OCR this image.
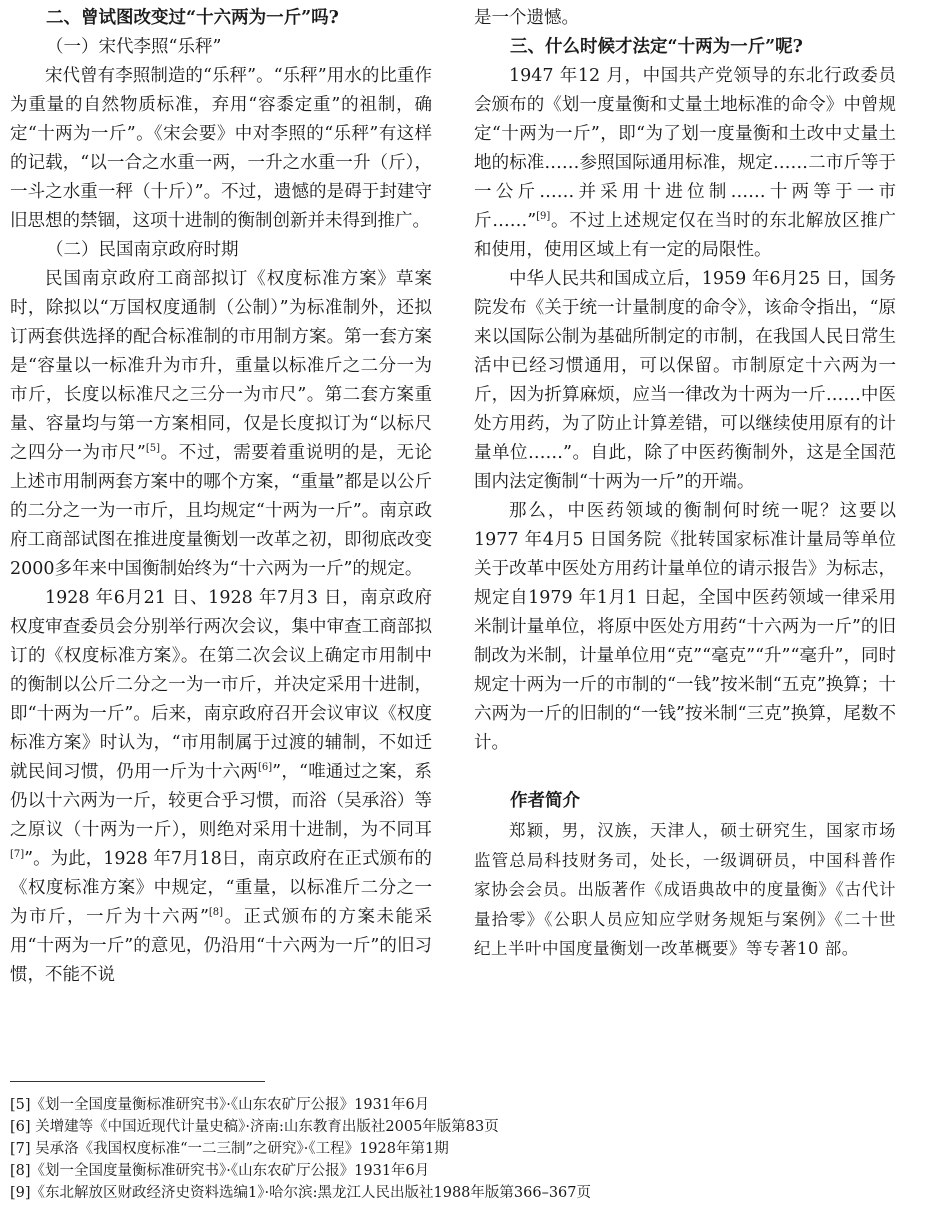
二、曾试图改变过“十六两为一斤”吗?
（一）宋代李照“乐秤”

宋代曾有李照制造的“乐秤”。“乐秤”用水的比重作为重量的自然物质标准，弃用“容黍定重”的祖制，确定“十两为一斤”。《宋会要》中对李照的“乐秤”有这样的记载，“以一合之水重一两，一升之水重一升（斤），一斗之水重一秤（十斤）”。不过，遗憾的是碍于封建守旧思想的禁锢，这项十进制的衡制创新并未得到推广。

（二）民国南京政府时期

民国南京政府工商部拟订《权度标准方案》草案时，除拟以“万国权度通制（公制）”为标准制外，还拟订两套供选择的配合标准制的市用制方案。第一套方案是“容量以一标准升为市升，重量以标准斤之二分一为市斤，长度以标准尺之三分一为市尺”。第二套方案重量、容量均与第一方案相同，仅是长度拟订为“以标尺之四分一为市尺”[5]。不过，需要着重说明的是，无论上述市用制两套方案中的哪个方案，“重量”都是以公斤的二分之一为一市斤，且均规定“十两为一斤”。南京政府工商部试图在推进度量衡划一改革之初，即彻底改变2000多年来中国衡制始终为“十六两为一斤”的规定。

1928 年6月21 日、1928 年7月3 日，南京政府权度审查委员会分别举行两次会议，集中审查工商部拟订的《权度标准方案》。在第二次会议上确定市用制中的衡制以公斤二分之一为一市斤，并决定采用十进制，即“十两为一斤”。后来，南京政府召开会议审议《权度标准方案》时认为，“市用制属于过渡的辅制，不如迁就民间习惯，仍用一斤为十六两[6]”，“唯通过之案，系仍以十六两为一斤，较更合乎习惯，而浴（吴承浴）等之原议（十两为一斤），则绝对采用十进制，为不同耳[7]”。为此，1928 年7月18日，南京政府在正式颁布的《权度标准方案》中规定，“重量，以标准斤二分之一为市斤，一斤为十六两”[8]。正式颁布的方案未能采用“十两为一斤”的意见，仍沿用“十六两为一斤”的旧习惯，不能不说

是一个遗憾。

三、什么时候才法定“十两为一斤”呢?

1947 年12 月，中国共产党领导的东北行政委员会颁布的《划一度量衡和丈量土地标准的命令》中曾规定“十两为一斤”，即“为了划一度量衡和土改中丈量土地的标准……参照国际通用标准，规定……二市斤等于一公斤……并采用十进位制……十两等于一市斤……”[9]。不过上述规定仅在当时的东北解放区推广和使用，使用区域上有一定的局限性。

中华人民共和国成立后，1959 年6月25 日，国务院发布《关于统一计量制度的命令》，该命令指出，“原来以国际公制为基础所制定的市制，在我国人民日常生活中已经习惯通用，可以保留。市制原定十六两为一斤，因为折算麻烦，应当一律改为十两为一斤……中医处方用药，为了防止计算差错，可以继续使用原有的计量单位……”。自此，除了中医药衡制外，这是全国范围内法定衡制“十两为一斤”的开端。

那么，中医药领域的衡制何时统一呢？这要以1977 年4月5 日国务院《批转国家标准计量局等单位关于改革中医处方用药计量单位的请示报告》为标志，规定自1979 年1月1 日起，全国中医药领域一律采用米制计量单位，将原中医处方用药“十六两为一斤”的旧制改为米制，计量单位用“克”“毫克”“升”“毫升”，同时规定十两为一斤的市制的“一钱”按米制“五克”换算；十六两为一斤的旧制的“一钱”按米制“三克”换算，尾数不计。

作者简介

郑颖，男，汉族，天津人，硕士研究生，国家市场监管总局科技财务司，处长，一级调研员，中国科普作家协会会员。出版著作《成语典故中的度量衡》《古代计量拾零》《公职人员应知应学财务规矩与案例》《二十世纪上半叶中国度量衡划一改革概要》等专著10 部。

[5]《划一全国度量衡标准研究书》·《山东农矿厅公报》1931年6月
[6] 关增建等《中国近现代计量史稿》·济南:山东教育出版社2005年版第83页
[7] 吴承洛《我国权度标准“一二三制”之研究》·《工程》1928年第1期
[8]《划一全国度量衡标准研究书》·《山东农矿厅公报》1931年6月
[9]《东北解放区财政经济史资料选编1》·哈尔滨:黑龙江人民出版社1988年版第366–367页
